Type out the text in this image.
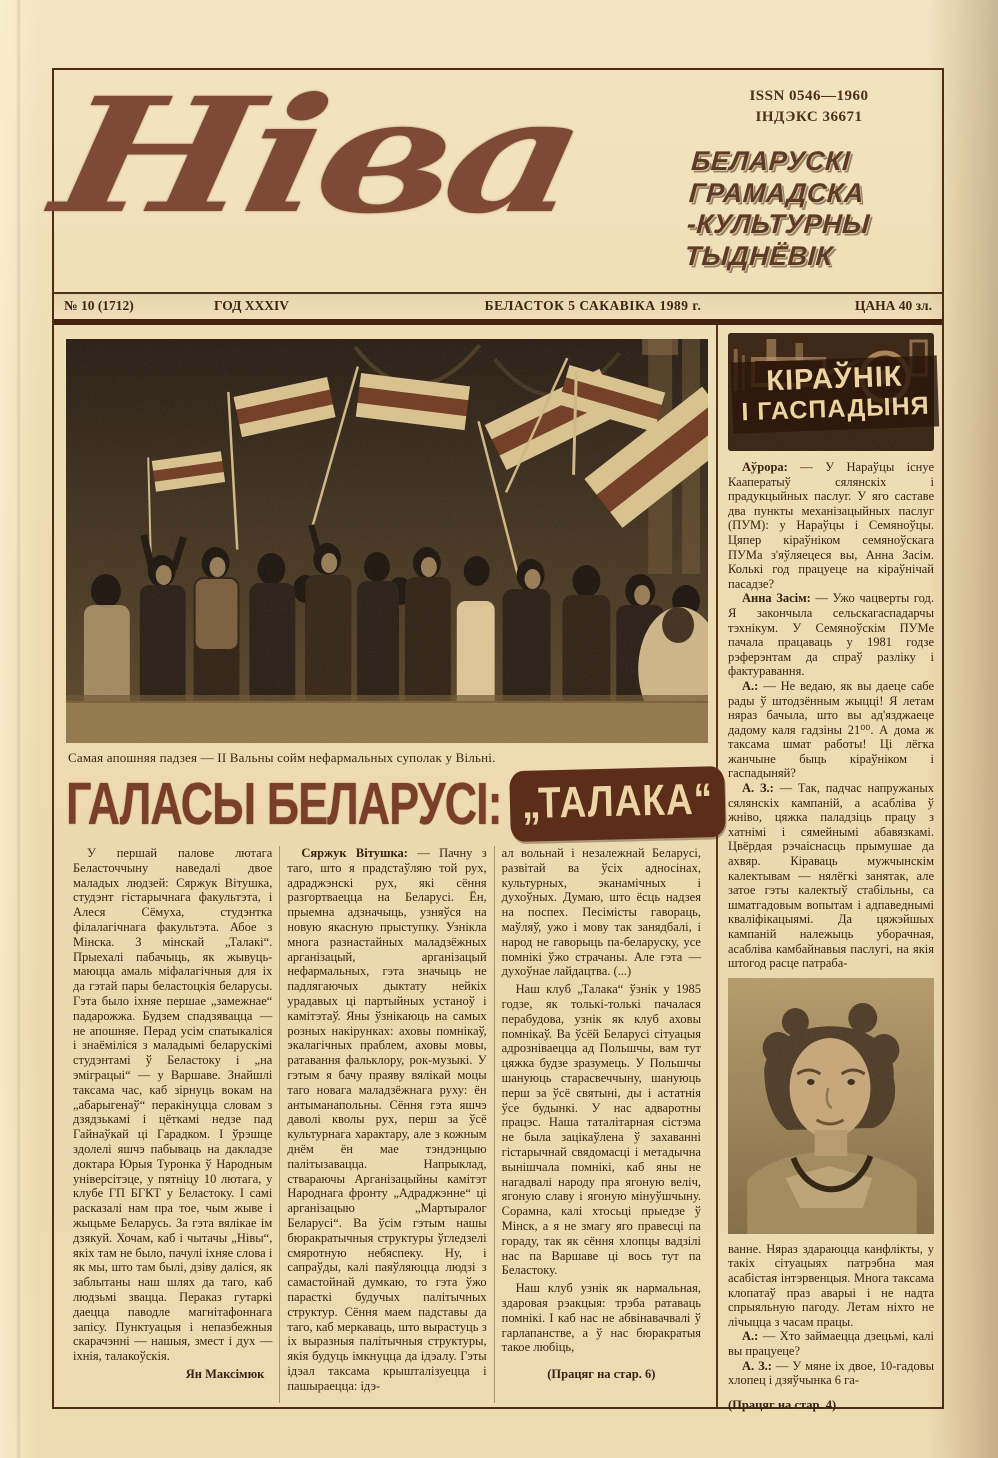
Ніва	ISSN 0546—1960
ІНДЭКС 36671
БЕЛАРУСКІ
ГРАМАДСКА
-КУЛЬТУРНЫ
ТЫДНЁВІК
№ 10 (1712)	ГОД XXXIV	БЕЛАСТОК 5 САКАВІКА 1989 г.	ЦАНА 40 зл.
Самая апошняя падзея — ІІ Вальны сойм нефармальных суполак у Вільні.
ГАЛАСЫ БЕЛАРУСІ: „ТАЛАКА“

У першай палове лютага Беласточчыну наведалі двое маладых людзей: Сяржук Вітушка, студэнт гістарычнага факультэта, і Алеся Сёмуха, студэнтка філалагічнага факультэта. Абое з Мінска. З мінскай „Талакі“. Прыехалі пабачыць, як жывуць-маюцца амаль міфалагічныя для іх да гэтай пары беластоцкія беларусы. Гэта было іхняе першае „замежнае“ падарожжа. Будзем спадзявацца — не апошняе. Перад усім спатыкаліся і знаёміліся з маладымі беларускімі студэнтамі ў Беластоку і „на эміграцыі“ — у Варшаве. Знайшлі таксама час, каб зірнуць вокам на „абарыгенаў“ перакінуцца словам з дзядзькамі і цёткамі недзе пад Гайнаўкай ці Гарадком. І ўрэшце здолелі яшчэ пабываць на дакладзе доктара Юрыя Туронка ў Народным універсітэце, у пятніцу 10 лютага, у клубе ГП БГКТ у Беластоку. І самі расказалі нам пра тое, чым жыве і жыцьме Беларусь. За гэта вялікае ім дзякуй. Хочам, каб і чытачы „Нівы“, якіх там не было, пачулі іхняе слова і як мы, што там былі, дзіву даліся, як заблытаны наш шлях да таго, каб людзьмі звацца. Пераказ гутаркі даецца паводле магнітафоннага запісу. Пунктуацыя і непазбежныя скарачэнні — нашыя, змест і дух — іхнія, талакоўскія.

Ян Максімюк

Сяржук Вітушка: — Пачну з таго, што я прадстаўляю той рух, адраджэнскі рух, які сёння разгортваецца на Беларусі. Ён, прыемна адзначыць, узняўся на новую якасную прыступку. Узнікла многа разнастайных маладзёжных арганізацый, арганізацый нефармальных, гэта значыць не падлягаючых дыктату нейкіх урадавых ці партыйных устаноў і камітэтаў. Яны ўзнікаюць на самых розных накірунках: аховы помнікаў, экалагічных праблем, аховы мовы, ратавання фальклору, рок-музыкі. У гэтым я бачу праяву вялікай моцы таго новага маладзёжнага руху: ён антыманапольны. Сёння гэта яшчэ даволі кволы рух, перш за ўсё культурнага характару, але з кожным днём ён мае тэндэнцыю палітызавацца. Напрыклад, ствараючы Арганізацыйны камітэт Народнага фронту „Адраджэнне“ ці арганізацыю „Мартыралог Беларусі“. Ва ўсім гэтым нашы бюракратычныя структуры ўгледзелі смяротную небяспеку. Ну, і сапраўды, калі паяўляюцца людзі з самастойнай думкаю, то гэта ўжо парасткі будучых палітычных структур. Сёння маем падставы да таго, каб меркаваць, што вырастуць з іх выразныя палітычныя структуры, якія будуць імкнуцца да ідэалу. Гэты ідэал таксама крышталізуецца і пашыраецца: ідэ-

ал вольнай і незалежнай Беларусі, развітай ва ўсіх адносінах, культурных, эканамічных і духоўных. Думаю, што ёсць надзея на поспех. Песімісты гавораць, маўляў, ужо і мову так занядбалі, і народ не гаворыць па-беларуску, усе помнікі ўжо страчаны. Але гэта — духоўнае лайдацтва. (...)

Наш клуб „Талака“ ўзнік у 1985 годзе, як толькі-толькі пачалася перабудова, узнік як клуб аховы помнікаў. Ва ўсёй Беларусі сітуацыя адрозніваецца ад Польшчы, вам тут цяжка будзе зразумець. У Польшчы шануюць старасвеччыну, шануюць перш за ўсё святыні, ды і астатнія ўсе будынкі. У нас адваротны працэс. Наша таталітарная сістэма не была зацікаўлена ў захаванні гістарычнай свядомасці і метадычна вынішчала помнікі, каб яны не нагадвалі народу пра ягоную веліч, ягоную славу і ягоную мінуўшчыну. Сорамна, калі хтосьці прыедзе ў Мінск, а я не змагу яго правесці па гораду, так як сёння хлопцы вадзілі нас па Варшаве ці вось тут па Беластоку.

Наш клуб узнік як нармальная, здаровая рэакцыя: трэба ратаваць помнікі. І каб нас не абвінавачвалі ў гарлапанстве, а ў нас бюракратыя такое любіць,

(Працяг на стар. 6)

КІРАЎНІК
І ГАСПАДЫНЯ

Аўрора: — У Нараўцы існуе Кааператыў сялянскіх і прадукцыйных паслуг. У яго саставе два пункты механізацыйных паслуг (ПУМ): у Нараўцы і Семяноўцы. Цяпер кіраўніком семяноўскага ПУМа з'яўляецеся вы, Анна Засім. Колькі год працуеце на кіраўнічай пасадзе?

Анна Засім: — Ужо чацверты год. Я закончыла сельскагаспадарчы тэхнікум. У Семяноўскім ПУМе пачала працаваць у 1981 годзе рэферэнтам да спраў разліку і фактуравання.

А.: — Не ведаю, як вы даеце сабе рады ў штодзённым жыцці! Я летам няраз бачыла, што вы ад'язджаеце дадому каля гадзіны 21⁰⁰. А дома ж таксама шмат работы! Ці лёгка жанчыне быць кіраўніком і гаспадыняй?

А. З.: — Так, падчас напружаных сялянскіх кампаній, а асабліва ў жніво, цяжка паладзіць працу з хатнімі і сямейнымі абавязкамі. Цвёрдая рэчаіснасць прымушае да ахвяр. Кіраваць мужчынскім калектывам — нялёгкі занятак, але затое гэты калектыў стабільны, са шматгадовым вопытам і адпаведнымі кваліфікацыямі. Да цяжэйшых кампаній належыць уборачная, асабліва камбайнавыя паслугі, на якія штогод расце патраба-

ванне. Няраз здараюцца канфлікты, у такіх сітуацыях патрэбна мая асабістая інтэрвенцыя. Многа таксама клопатаў праз аварыі і не надта спрыяльную пагоду. Летам ніхто не лічыцца з часам працы.

А.: — Хто займаецца дзецьмі, калі вы працуеце?

А. З.: — У мяне іх двое, 10-гадовы хлопец і дзяўчынка 6 га-

(Працяг на стар. 4)
